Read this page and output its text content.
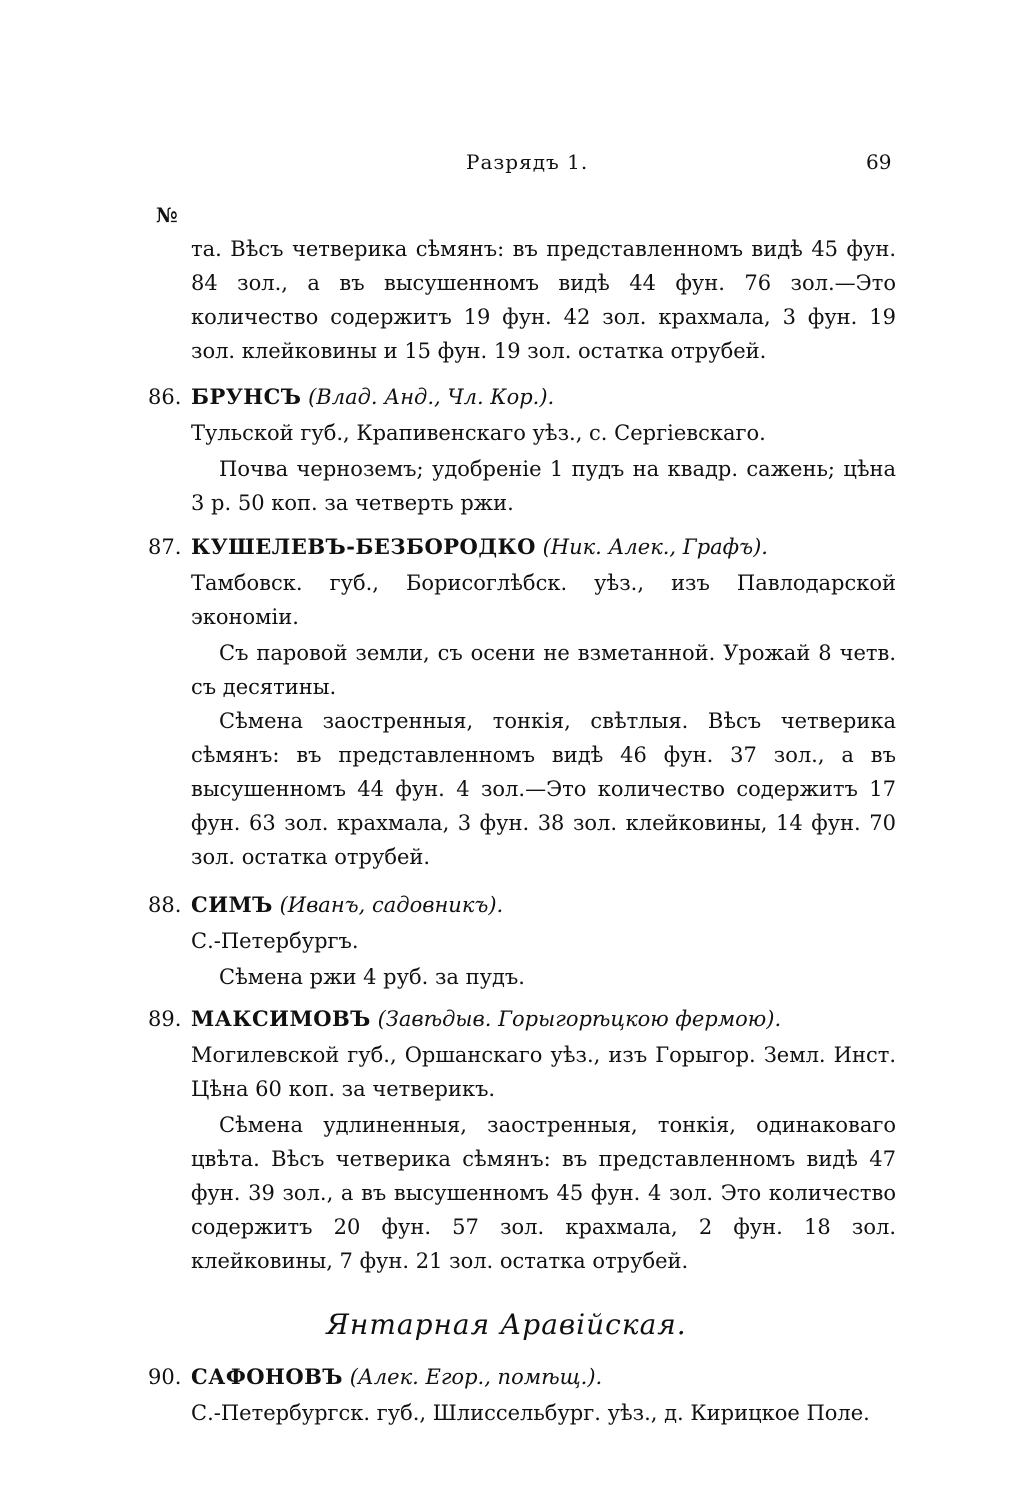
Разрядъ 1.	69
№
та. Вѣсъ четверика сѣмянъ: въ представленномъ видѣ 45 фун. 84 зол., а въ высушенномъ видѣ 44 фун. 76 зол.—Это количество содержитъ 19 фун. 42 зол. крахмала, 3 фун. 19 зол. клейковины и 15 фун. 19 зол. остатка отрубей.
86. БРУНСЪ (Влад. Анд., Чл. Кор.).
Тульской губ., Крапивенскаго уѣз., с. Сергіевскаго.

Почва черноземъ; удобреніе 1 пудъ на квадр. сажень; цѣна 3 р. 50 коп. за четверть ржи.

87. КУШЕЛЕВЪ-БЕЗБОРОДКО (Ник. Алек., Графъ).
Тамбовск. губ., Борисоглѣбск. уѣз., изъ Павлодарской экономіи.

Съ паровой земли, съ осени не взметанной. Урожай 8 четв. съ десятины.

Сѣмена заостренныя, тонкія, свѣтлыя. Вѣсъ четверика сѣмянъ: въ представленномъ видѣ 46 фун. 37 зол., а въ высушенномъ 44 фун. 4 зол.—Это количество содержитъ 17 фун. 63 зол. крахмала, 3 фун. 38 зол. клейковины, 14 фун. 70 зол. остатка отрубей.

88. СИМЪ (Иванъ, садовникъ).
С.-Петербургъ.

Сѣмена ржи 4 руб. за пудъ.

89. МАКСИМОВЪ (Завѣдыв. Горыгорѣцкою фермою).
Могилевской губ., Оршанскаго уѣз., изъ Горыгор. Земл. Инст. Цѣна 60 коп. за четверикъ.

Сѣмена удлиненныя, заостренныя, тонкія, одинаковаго цвѣта. Вѣсъ четверика сѣмянъ: въ представленномъ видѣ 47 фун. 39 зол., а въ высушенномъ 45 фун. 4 зол. Это количество содержитъ 20 фун. 57 зол. крахмала, 2 фун. 18 зол. клейковины, 7 фун. 21 зол. остатка отрубей.

Янтарная Аравійская.
90. САФОНОВЪ (Алек. Егор., помѣщ.).
С.-Петербургск. губ., Шлиссельбург. уѣз., д. Кирицкое Поле.
